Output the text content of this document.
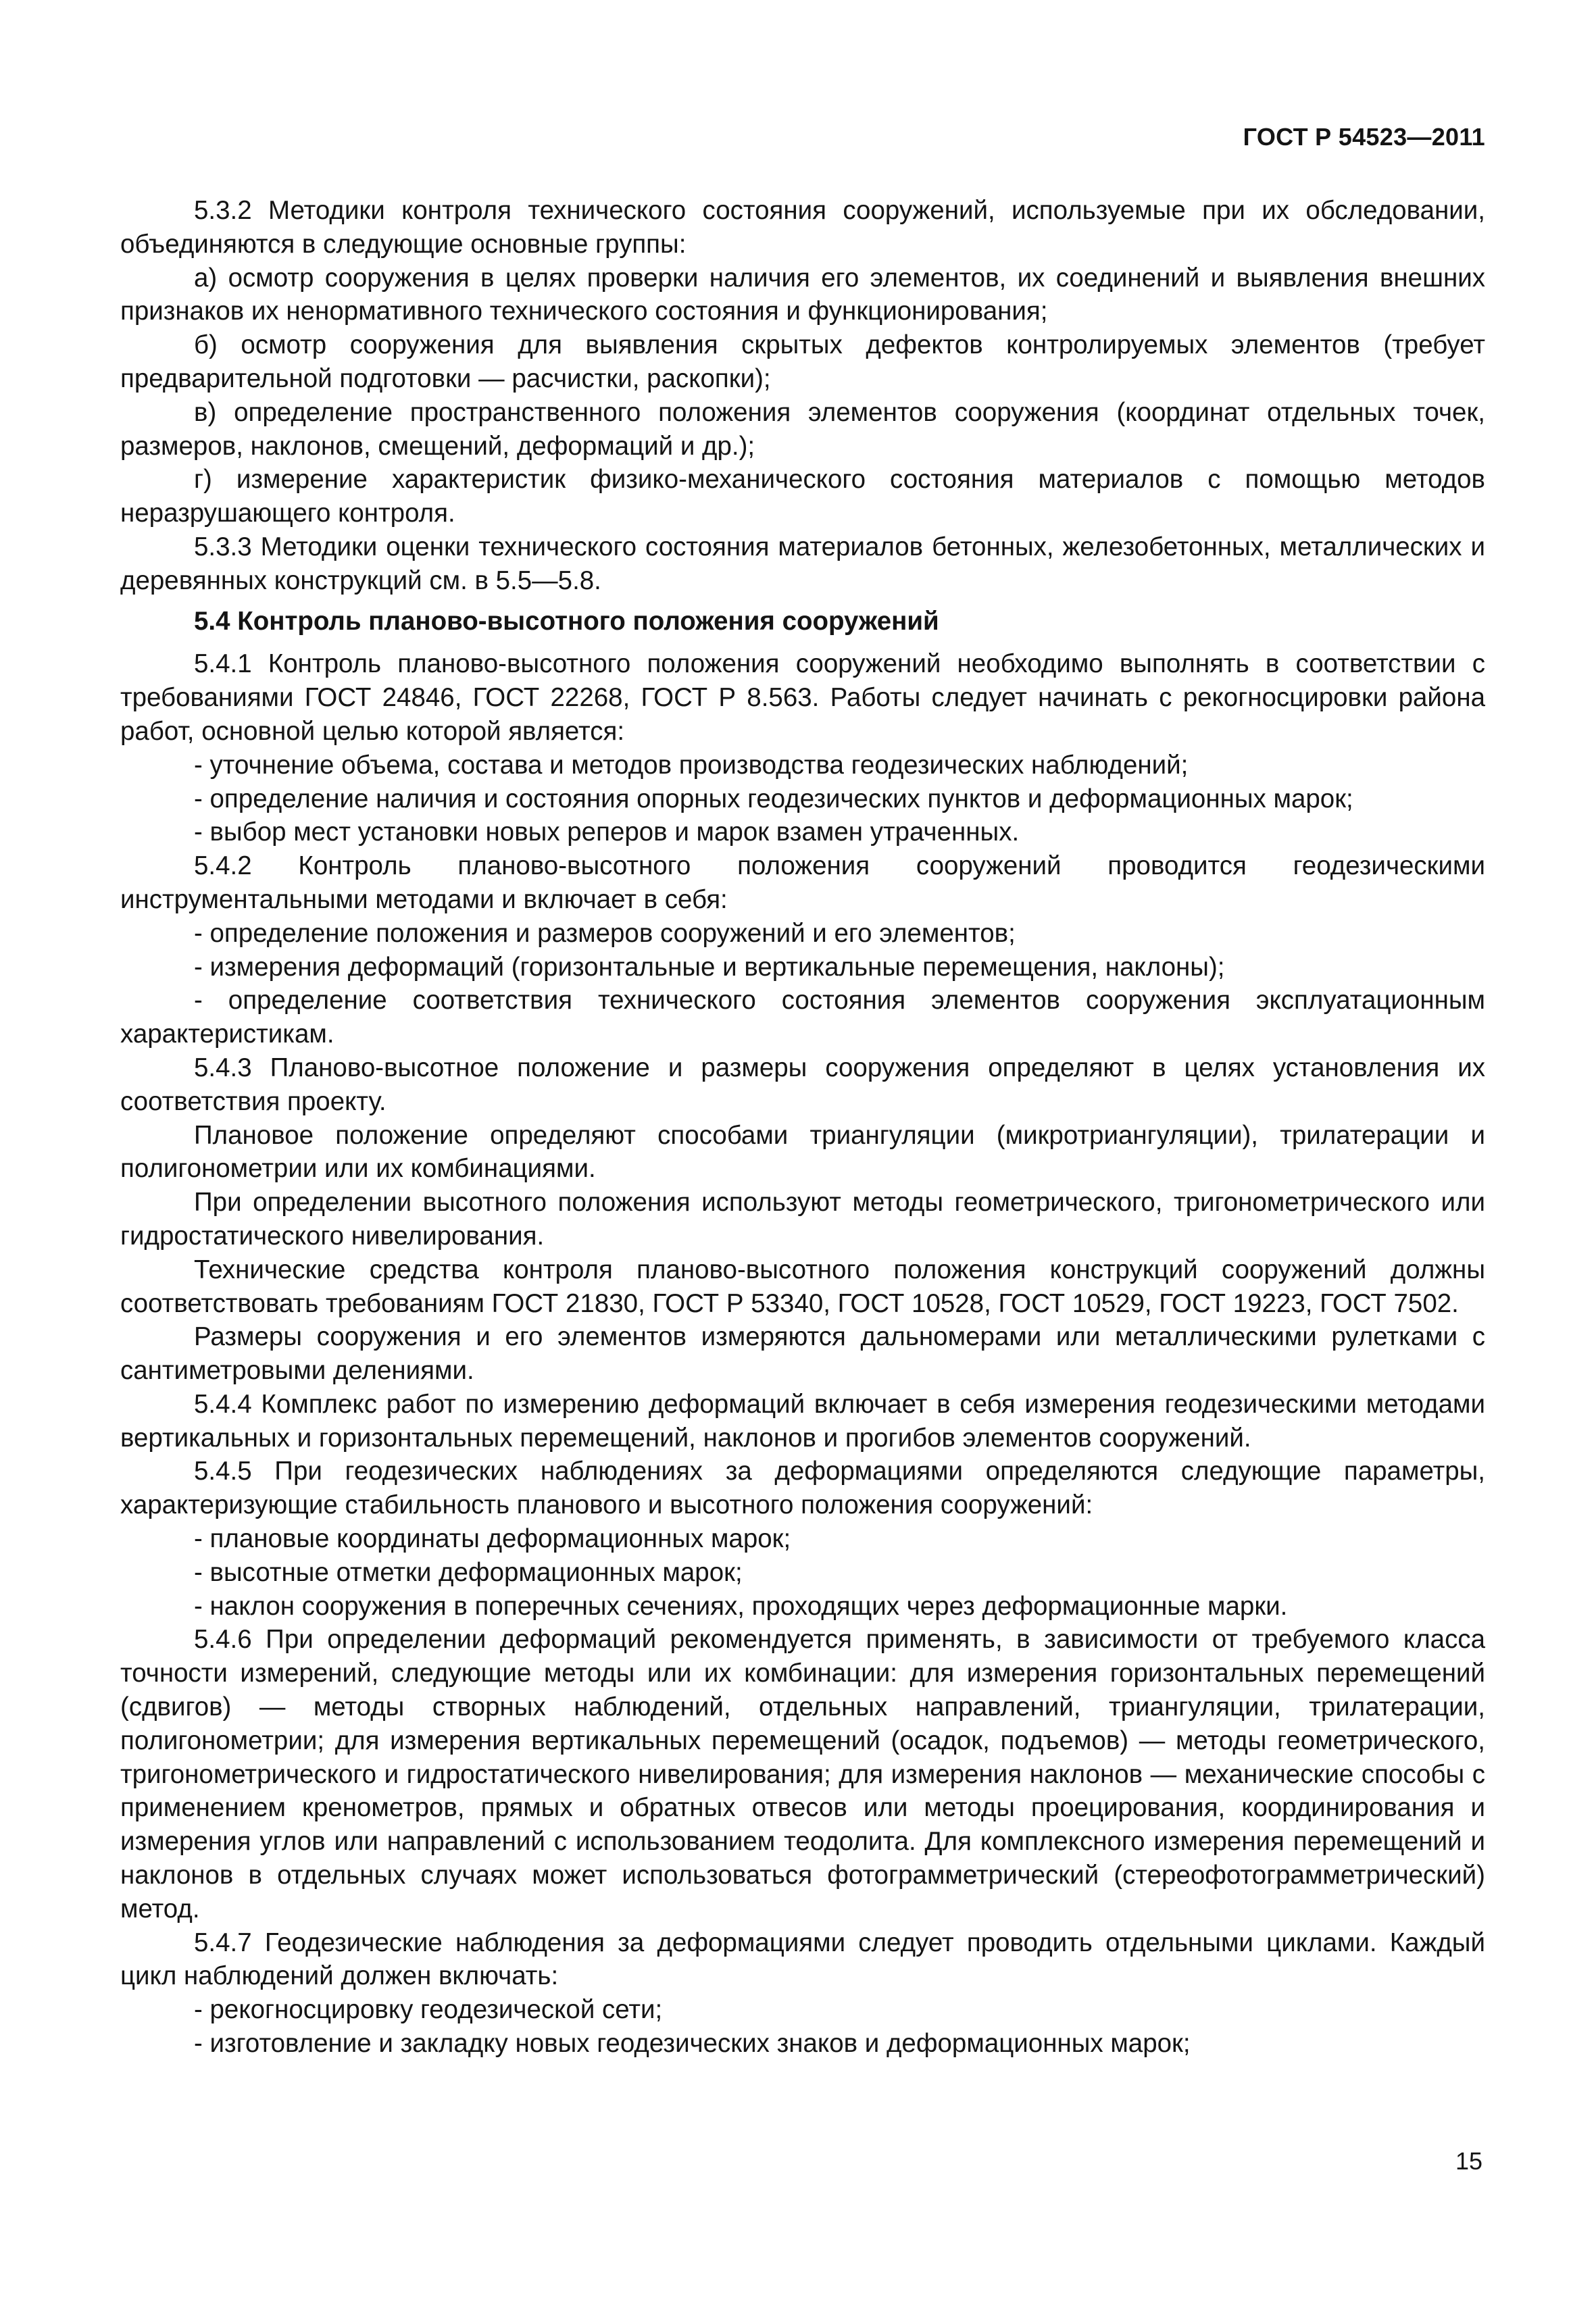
ГОСТ Р 54523—2011

5.3.2 Методики контроля технического состояния сооружений, используемые при их обследовании, объединяются в следующие основные группы:

а) осмотр сооружения в целях проверки наличия его элементов, их соединений и выявления внешних признаков их ненормативного технического состояния и функционирования;

б) осмотр сооружения для выявления скрытых дефектов контролируемых элементов (требует предварительной подготовки — расчистки, раскопки);

в) определение пространственного положения элементов сооружения (координат отдельных точек, размеров, наклонов, смещений, деформаций и др.);

г) измерение характеристик физико-механического состояния материалов с помощью методов неразрушающего контроля.

5.3.3 Методики оценки технического состояния материалов бетонных, железобетонных, металлических и деревянных конструкций см. в 5.5—5.8.

5.4 Контроль планово-высотного положения сооружений

5.4.1 Контроль планово-высотного положения сооружений необходимо выполнять в соответствии с требованиями ГОСТ 24846, ГОСТ 22268, ГОСТ Р 8.563. Работы следует начинать с рекогносцировки района работ, основной целью которой является:

- уточнение объема, состава и методов производства геодезических наблюдений;

- определение наличия и состояния опорных геодезических пунктов и деформационных марок;

- выбор мест установки новых реперов и марок взамен утраченных.

5.4.2 Контроль планово-высотного положения сооружений проводится геодезическими инструментальными методами и включает в себя:

- определение положения и размеров сооружений и его элементов;

- измерения деформаций (горизонтальные и вертикальные перемещения, наклоны);

- определение соответствия технического состояния элементов сооружения эксплуатационным характеристикам.

5.4.3 Планово-высотное положение и размеры сооружения определяют в целях установления их соответствия проекту.

Плановое положение определяют способами триангуляции (микротриангуляции), трилатерации и полигонометрии или их комбинациями.

При определении высотного положения используют методы геометрического, тригонометрического или гидростатического нивелирования.

Технические средства контроля планово-высотного положения конструкций сооружений должны соответствовать требованиям ГОСТ 21830, ГОСТ Р 53340, ГОСТ 10528, ГОСТ 10529, ГОСТ 19223, ГОСТ 7502.

Размеры сооружения и его элементов измеряются дальномерами или металлическими рулетками с сантиметровыми делениями.

5.4.4 Комплекс работ по измерению деформаций включает в себя измерения геодезическими методами вертикальных и горизонтальных перемещений, наклонов и прогибов элементов сооружений.

5.4.5 При геодезических наблюдениях за деформациями определяются следующие параметры, характеризующие стабильность планового и высотного положения сооружений:

- плановые координаты деформационных марок;

- высотные отметки деформационных марок;

- наклон сооружения в поперечных сечениях, проходящих через деформационные марки.

5.4.6 При определении деформаций рекомендуется применять, в зависимости от требуемого класса точности измерений, следующие методы или их комбинации: для измерения горизонтальных перемещений (сдвигов) — методы створных наблюдений, отдельных направлений, триангуляции, трилатерации, полигонометрии; для измерения вертикальных перемещений (осадок, подъемов) — методы геометрического, тригонометрического и гидростатического нивелирования; для измерения наклонов — механические способы с применением кренометров, прямых и обратных отвесов или методы проецирования, координирования и измерения углов или направлений с использованием теодолита. Для комплексного измерения перемещений и наклонов в отдельных случаях может использоваться фотограмметрический (стереофотограмметрический) метод.

5.4.7 Геодезические наблюдения за деформациями следует проводить отдельными циклами. Каждый цикл наблюдений должен включать:

- рекогносцировку геодезической сети;

- изготовление и закладку новых геодезических знаков и деформационных марок;

15
